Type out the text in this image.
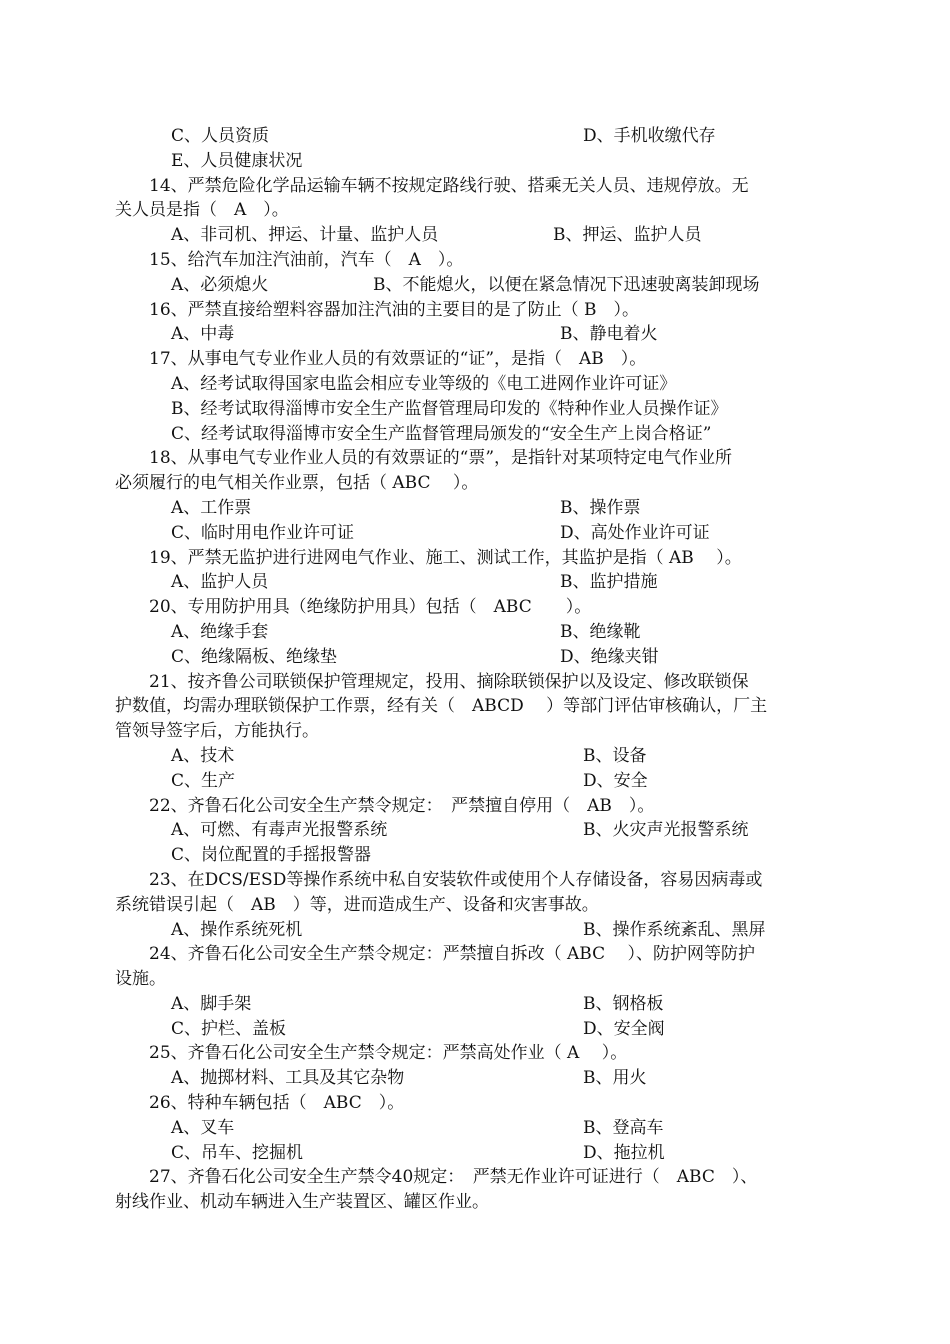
C、人员资质	D、手机收缴代存
E、人员健康状况
14、严禁危险化学品运输车辆不按规定路线行驶、搭乘无关人员、违规停放。无
关人员是指（　A　）。
A、非司机、押运、计量、监护人员	B、押运、监护人员
15、给汽车加注汽油前，汽车（　A　）。
A、必须熄火	B、不能熄火，以便在紧急情况下迅速驶离装卸现场
16、严禁直接给塑料容器加注汽油的主要目的是了防止（ B　）。
A、中毒	B、静电着火
17、从事电气专业作业人员的有效票证的“证”，是指（　AB　）。
A、经考试取得国家电监会相应专业等级的《电工进网作业许可证》
B、经考试取得淄博市安全生产监督管理局印发的《特种作业人员操作证》
C、经考试取得淄博市安全生产监督管理局颁发的“安全生产上岗合格证”
18、从事电气专业作业人员的有效票证的“票”，是指针对某项特定电气作业所
必须履行的电气相关作业票，包括（ ABC　 ）。
A、工作票	B、操作票
C、临时用电作业许可证	D、高处作业许可证
19、严禁无监护进行进网电气作业、施工、测试工作，其监护是指（ AB　 ）。
A、监护人员	B、监护措施
20、专用防护用具（绝缘防护用具）包括（　ABC　　）。
A、绝缘手套	B、绝缘靴
C、绝缘隔板、绝缘垫	D、绝缘夹钳
21、按齐鲁公司联锁保护管理规定，投用、摘除联锁保护以及设定、修改联锁保
护数值，均需办理联锁保护工作票，经有关（　ABCD　 ）等部门评估审核确认，厂主
管领导签字后，方能执行。
A、技术	B、设备
C、生产	D、安全
22、齐鲁石化公司安全生产禁令规定：　严禁擅自停用（　AB　）。
A、可燃、有毒声光报警系统	B、火灾声光报警系统
C、岗位配置的手摇报警器
23、在DCS/ESD等操作系统中私自安装软件或使用个人存储设备，容易因病毒或
系统错误引起（　AB　）等，进而造成生产、设备和灾害事故。
A、操作系统死机	B、操作系统紊乱、黑屏
24、齐鲁石化公司安全生产禁令规定：严禁擅自拆改（ ABC　 ）、防护网等防护
设施。
A、脚手架	B、钢格板
C、护栏、盖板	D、安全阀
25、齐鲁石化公司安全生产禁令规定：严禁高处作业（ A　 ）。
A、抛掷材料、工具及其它杂物	B、用火
26、特种车辆包括（　ABC　）。
A、叉车	B、登高车
C、吊车、挖掘机	D、拖拉机
27、齐鲁石化公司安全生产禁令40规定：　严禁无作业许可证进行（　ABC　）、
射线作业、机动车辆进入生产装置区、罐区作业。
